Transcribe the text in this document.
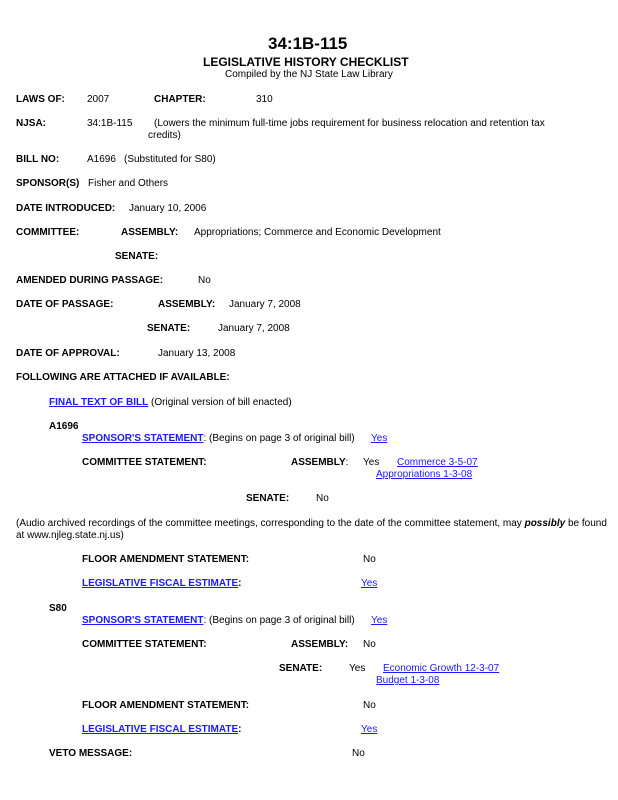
34:1B-115
LEGISLATIVE HISTORY CHECKLIST
Compiled by the NJ State Law Library
LAWS OF: 2007	CHAPTER:	310
NJSA:	34:1B-115 (Lowers the minimum full-time jobs requirement for business relocation and retention tax
credits)
BILL NO:	A1696 (Substituted for S80)
SPONSOR(S) Fisher and Others
DATE INTRODUCED: January 10, 2006
COMMITTEE:	ASSEMBLY: Appropriations; Commerce and Economic Development
SENATE:
AMENDED DURING PASSAGE:	No
DATE OF PASSAGE:	ASSEMBLY: January 7, 2008
SENATE:	January 7, 2008
DATE OF APPROVAL:	January 13, 2008
FOLLOWING ARE ATTACHED IF AVAILABLE:
FINAL TEXT OF BILL (Original version of bill enacted)
A1696
SPONSOR'S STATEMENT: (Begins on page 3 of original bill) Yes
COMMITTEE STATEMENT:	ASSEMBLY: Yes Commerce 3-5-07
Appropriations 1-3-08
SENATE:	No
(Audio archived recordings of the committee meetings, corresponding to the date of the committee statement, may possibly be found
at www.njleg.state.nj.us)
FLOOR AMENDMENT STATEMENT:	No
LEGISLATIVE FISCAL ESTIMATE:	Yes
S80
SPONSOR'S STATEMENT: (Begins on page 3 of original bill) Yes
COMMITTEE STATEMENT:	ASSEMBLY: No
SENATE:	Yes Economic Growth 12-3-07
Budget 1-3-08
FLOOR AMENDMENT STATEMENT:	No
LEGISLATIVE FISCAL ESTIMATE:	Yes
VETO MESSAGE:	No
